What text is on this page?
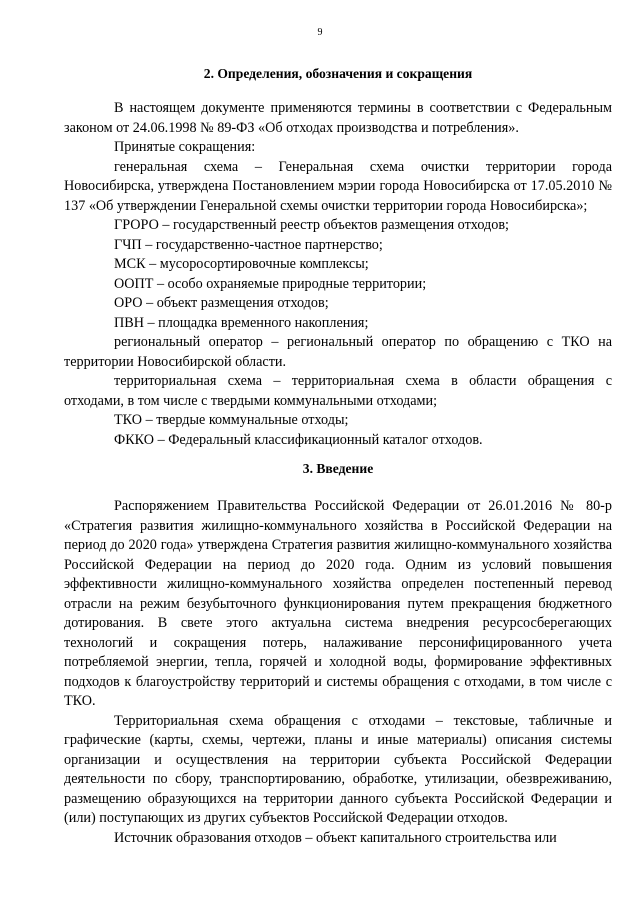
9
2. Определения, обозначения и сокращения

В настоящем документе применяются термины в соответствии с Федеральным законом от 24.06.1998 № 89-ФЗ «Об отходах производства и потребления».

Принятые сокращения:

генеральная схема – Генеральная схема очистки территории города Новосибирска, утверждена Постановлением мэрии города Новосибирска от 17.05.2010 № 137 «Об утверждении Генеральной схемы очистки территории города Новосибирска»;

ГРОРО – государственный реестр объектов размещения отходов;

ГЧП – государственно-частное партнерство;

МСК – мусоросортировочные комплексы;

ООПТ – особо охраняемые природные территории;

ОРО – объект размещения отходов;

ПВН – площадка временного накопления;

региональный оператор – региональный оператор по обращению с ТКО на территории Новосибирской области.

территориальная схема – территориальная схема в области обращения с отходами, в том числе с твердыми коммунальными отходами;

ТКО – твердые коммунальные отходы;

ФККО – Федеральный классификационный каталог отходов.

3. Введение

Распоряжением Правительства Российской Федерации от 26.01.2016 № 80-р «Стратегия развития жилищно-коммунального хозяйства в Российской Федерации на период до 2020 года» утверждена Стратегия развития жилищно-коммунального хозяйства Российской Федерации на период до 2020 года. Одним из условий повышения эффективности жилищно-коммунального хозяйства определен постепенный перевод отрасли на режим безубыточного функционирования путем прекращения бюджетного дотирования. В свете этого актуальна система внедрения ресурсосберегающих технологий и сокращения потерь, налаживание персонифицированного учета потребляемой энергии, тепла, горячей и холодной воды, формирование эффективных подходов к благоустройству территорий и системы обращения с отходами, в том числе с ТКО.

Территориальная схема обращения с отходами – текстовые, табличные и графические (карты, схемы, чертежи, планы и иные материалы) описания системы организации и осуществления на территории субъекта Российской Федерации деятельности по сбору, транспортированию, обработке, утилизации, обезвреживанию, размещению образующихся на территории данного субъекта Российской Федерации и (или) поступающих из других субъектов Российской Федерации отходов.

Источник образования отходов – объект капитального строительства или
